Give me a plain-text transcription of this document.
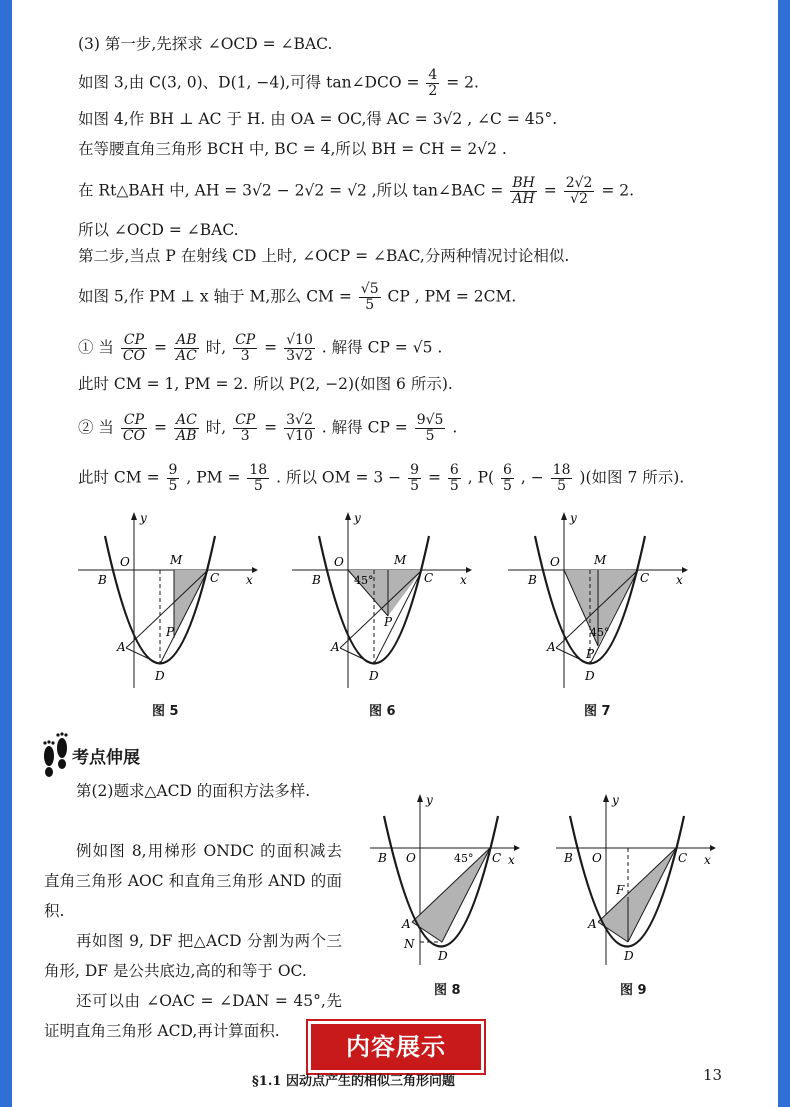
(3) 第一步,先探求 ∠OCD = ∠BAC.
如图 3,由 C(3, 0)、D(1, −4),可得 tan∠DCO = $\frac{4}{2} = 2$.
如图 4,作 BH ⊥ AC 于 H. 由 OA = OC,得 AC = 3√2 , ∠C = 45°.
在等腰直角三角形 BCH 中, BC = 4,所以 BH = CH = 2√2 .
在 Rt△BAH 中, AH = 3√2 − 2√2 = √2 ,所以 tan∠BAC = $\frac{BH}{AH} = \frac{2√2}{√2} = 2$.
所以 ∠OCD = ∠BAC.
第二步,当点 P 在射线 CD 上时, ∠OCP = ∠BAC,分两种情况讨论相似.
如图 5,作 PM ⊥ x 轴于 M,那么 CM = $\frac{√5}{5}$ CP , PM = 2CM.
① 当 $\frac{CP}{CO} = \frac{AB}{AC}$ 时, $\frac{CP}{3} = \frac{√10}{3√2}$ . 解得 CP = √5 .
此时 CM = 1, PM = 2. 所以 P(2, −2)(如图 6 所示).
② 当 $\frac{CP}{CO} = \frac{AC}{AB}$ 时, $\frac{CP}{3} = \frac{3√2}{√10}$ . 解得 CP = $\frac{9√5}{5}$ .
此时 CM = $\frac{9}{5}$ , PM = $\frac{18}{5}$ . 所以 OM = $3 - \frac{9}{5} = \frac{6}{5}$ , $P( \frac{6}{5}$ , − $\frac{18}{5}$ )(如图 7 所示).
x
y
O
B	C
M
P
A
D
图 5
x
y
O
B	C
M
P
A
D
45°
图 6
x
y
O
B	C
M
P
A
D
45°
图 7
考点伸展
第(2)题求△ACD 的面积方法多样.
例如图 8,用梯形 ONDC 的面积减去直角三角形 AOC 和直角三角形 AND 的面积.
再如图 9, DF 把△ACD 分割为两个三角形, DF 是公共底边,高的和等于 OC.
还可以由 ∠OAC = ∠DAN = 45°,先证明直角三角形 ACD,再计算面积.
x
y
O
B	C
A
N
D
45°
图 8
x
y
O
B	C
A
F
D
图 9
内容展示
§1.1 因动点产生的相似三角形问题	13
